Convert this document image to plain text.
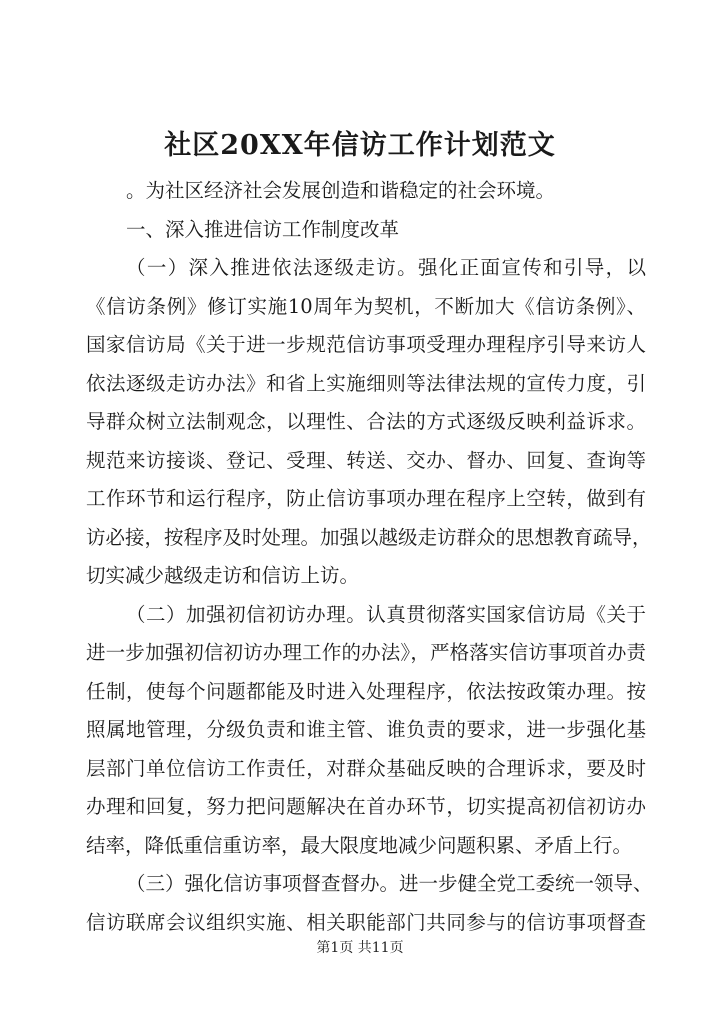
社区20XX年信访工作计划范文
。为社区经济社会发展创造和谐稳定的社会环境。
一、深入推进信访工作制度改革
（一）深入推进依法逐级走访。强化正面宣传和引导，以
《信访条例》修订实施10周年为契机，不断加大《信访条例》、
国家信访局《关于进一步规范信访事项受理办理程序引导来访人
依法逐级走访办法》和省上实施细则等法律法规的宣传力度，引
导群众树立法制观念，以理性、合法的方式逐级反映利益诉求。
规范来访接谈、登记、受理、转送、交办、督办、回复、查询等
工作环节和运行程序，防止信访事项办理在程序上空转，做到有
访必接，按程序及时处理。加强以越级走访群众的思想教育疏导，
切实减少越级走访和信访上访。
（二）加强初信初访办理。认真贯彻落实国家信访局《关于
进一步加强初信初访办理工作的办法》，严格落实信访事项首办责
任制，使每个问题都能及时进入处理程序，依法按政策办理。按
照属地管理，分级负责和谁主管、谁负责的要求，进一步强化基
层部门单位信访工作责任，对群众基础反映的合理诉求，要及时
办理和回复，努力把问题解决在首办环节，切实提高初信初访办
结率，降低重信重访率，最大限度地减少问题积累、矛盾上行。
（三）强化信访事项督查督办。进一步健全党工委统一领导、
信访联席会议组织实施、相关职能部门共同参与的信访事项督查
第1页 共11页
